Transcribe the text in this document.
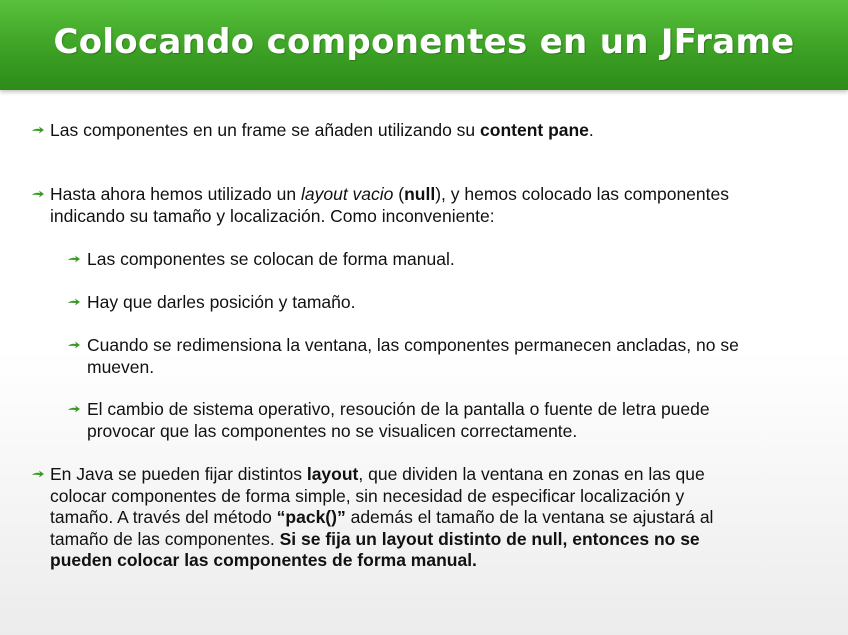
Colocando componentes en un JFrame
Las componentes en un frame se añaden utilizando su content pane.
Hasta ahora hemos utilizado un layout vacio (null), y hemos colocado las componentes
indicando su tamaño y localización. Como inconveniente:
Las componentes se colocan de forma manual.
Hay que darles posición y tamaño.
Cuando se redimensiona la ventana, las componentes permanecen ancladas, no se
mueven.
El cambio de sistema operativo, resoución de la pantalla o fuente de letra puede
provocar que las componentes no se visualicen correctamente.
En Java se pueden fijar distintos layout, que dividen la ventana en zonas en las que
colocar componentes de forma simple, sin necesidad de especificar localización y
tamaño. A través del método “pack()” además el tamaño de la ventana se ajustará al
tamaño de las componentes. Si se fija un layout distinto de null, entonces no se
pueden colocar las componentes de forma manual.
